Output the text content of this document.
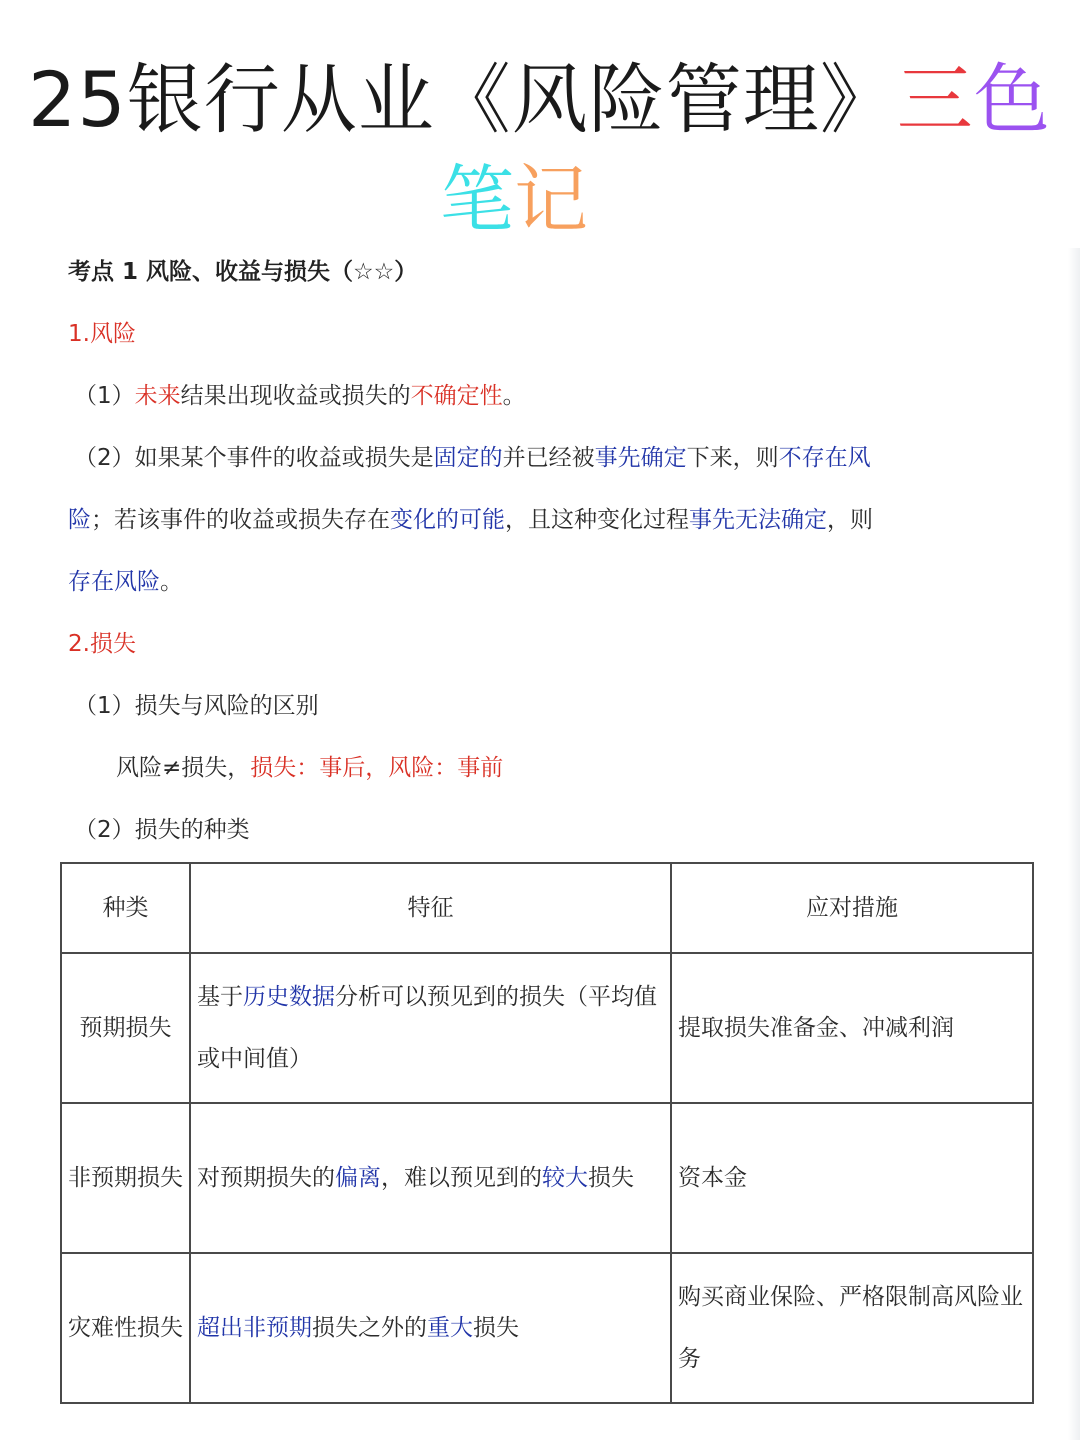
25银行从业《风险管理》三色
笔记
考点 1 风险、收益与损失（☆☆）
1.风险
（1）未来结果出现收益或损失的不确定性。
（2）如果某个事件的收益或损失是固定的并已经被事先确定下来，则不存在风
险；若该事件的收益或损失存在变化的可能，且这种变化过程事先无法确定，则
存在风险。
2.损失
（1）损失与风险的区别
风险≠损失，损失：事后，风险：事前
（2）损失的种类
种类	特征	应对措施
预期损失	基于历史数据分析可以预见到的损失（平均值或中间值）	提取损失准备金、冲减利润
非预期损失	对预期损失的偏离，难以预见到的较大损失	资本金
灾难性损失	超出非预期损失之外的重大损失	购买商业保险、严格限制高风险业务
